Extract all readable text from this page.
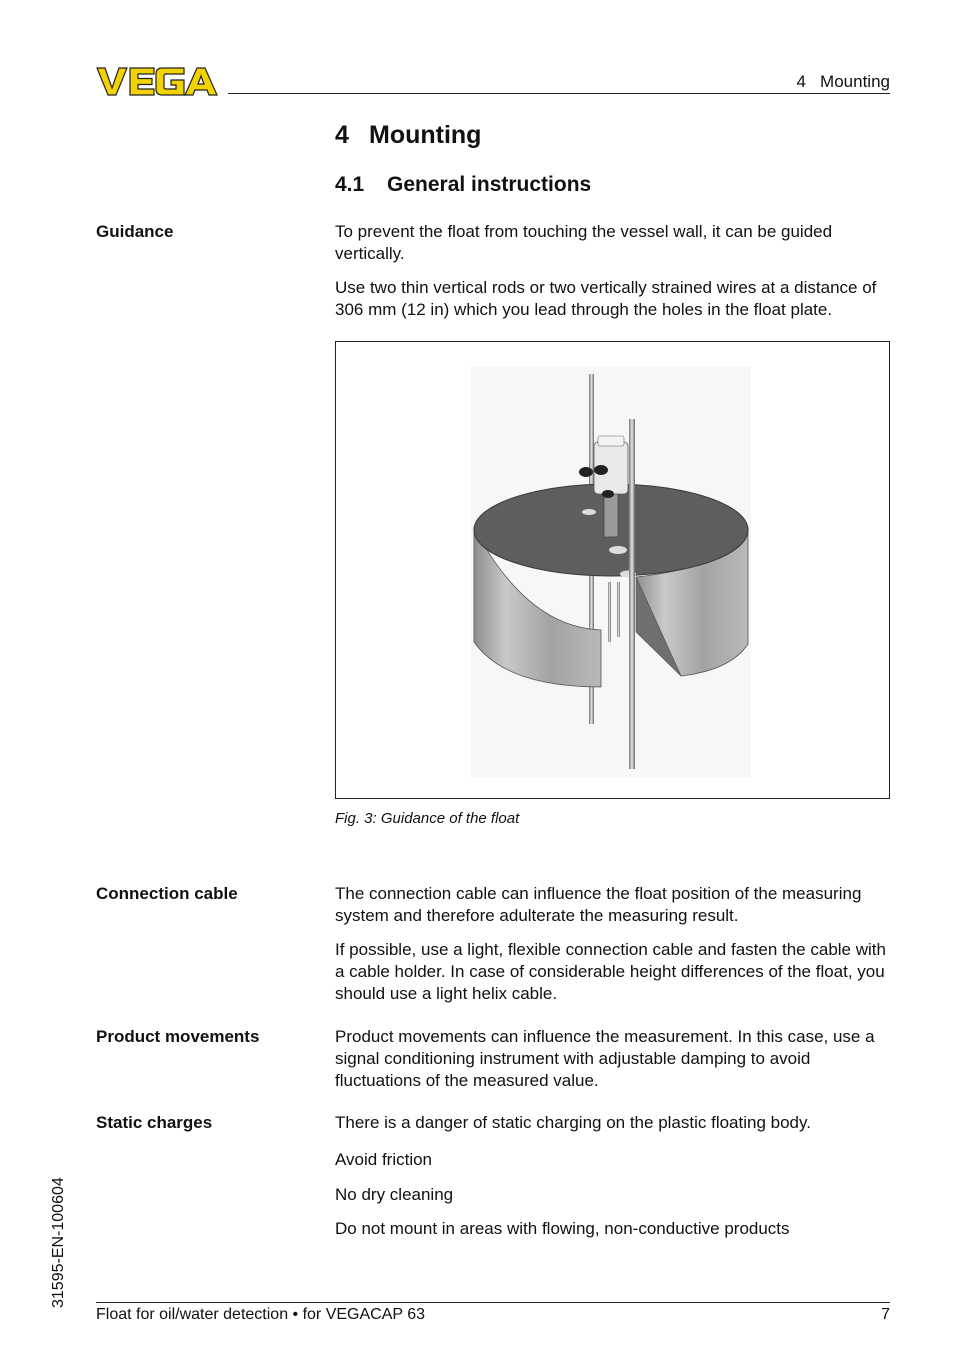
4   Mounting
4 Mounting
4.1 General instructions
Guidance	To prevent the float from touching the vessel wall, it can be guided vertically.
Use two thin vertical rods or two vertically strained wires at a distance of 306 mm (12 in) which you lead through the holes in the float plate.
Fig. 3: Guidance of the float
Connection cable	The connection cable can influence the float position of the measuring system and therefore adulterate the measuring result.
If possible, use a light, flexible connection cable and fasten the cable with a cable holder. In case of considerable height differences of the float, you should use a light helix cable.
Product movements	Product movements can influence the measurement. In this case, use a signal conditioning instrument with adjustable damping to avoid fluctuations of the measured value.
Static charges	There is a danger of static charging on the plastic floating body.
Avoid friction
No dry cleaning
Do not mount in areas with flowing, non-conductive products
31595-EN-100604
Float for oil/water detection • for VEGACAP 63	7
